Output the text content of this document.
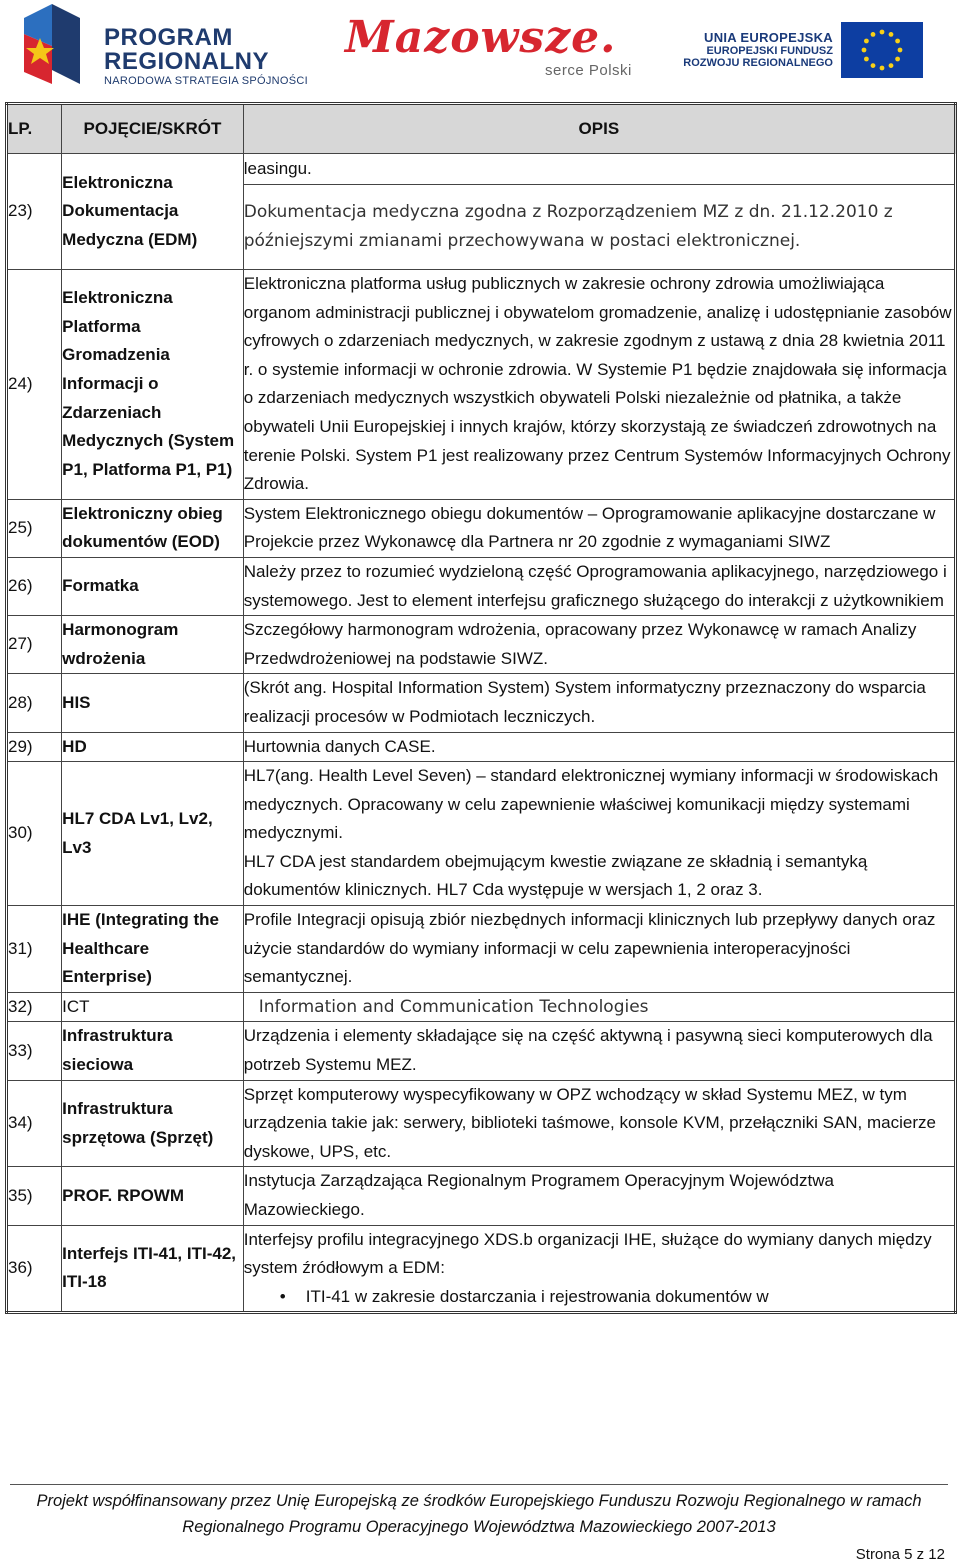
PROGRAM
REGIONALNY
NARODOWA STRATEGIA SPÓJNOŚCI
Mazowsze.
serce Polski
UNIA EUROPEJSKA
EUROPEJSKI FUNDUSZ
ROZWOJU REGIONALNEGO
LP.	POJĘCIE/SKRÓT	OPIS
23)	Elektroniczna Dokumentacja Medyczna (EDM)	leasingu.
		Dokumentacja medyczna zgodna z Rozporządzeniem MZ z dn. 21.12.2010 z późniejszymi zmianami przechowywana w postaci elektronicznej.
24)	Elektroniczna Platforma Gromadzenia Informacji o Zdarzeniach Medycznych (System P1, Platforma P1, P1)	Elektroniczna platforma usług publicznych w zakresie ochrony zdrowia umożliwiająca organom administracji publicznej i obywatelom gromadzenie, analizę i udostępnianie zasobów cyfrowych o zdarzeniach medycznych, w zakresie zgodnym z ustawą z dnia 28 kwietnia 2011 r. o systemie informacji w ochronie zdrowia. W Systemie P1 będzie znajdowała się informacja o zdarzeniach medycznych wszystkich obywateli Polski niezależnie od płatnika, a także obywateli Unii Europejskiej i innych krajów, którzy skorzystają ze świadczeń zdrowotnych na terenie Polski. System P1 jest realizowany przez Centrum Systemów Informacyjnych Ochrony Zdrowia.
25)	Elektroniczny obieg dokumentów (EOD)	System Elektronicznego obiegu dokumentów – Oprogramowanie aplikacyjne dostarczane w Projekcie przez Wykonawcę dla Partnera nr 20 zgodnie z wymaganiami SIWZ
26)	Formatka	Należy przez to rozumieć wydzieloną część Oprogramowania aplikacyjnego, narzędziowego i systemowego. Jest to element interfejsu graficznego służącego do interakcji z użytkownikiem
27)	Harmonogram wdrożenia	Szczegółowy harmonogram wdrożenia, opracowany przez Wykonawcę w ramach Analizy Przedwdrożeniowej na podstawie SIWZ.
28)	HIS	(Skrót ang. Hospital Information System) System informatyczny przeznaczony do wsparcia realizacji procesów w Podmiotach leczniczych.
29)	HD	Hurtownia danych CASE.
30)	HL7 CDA Lv1, Lv2, Lv3	HL7(ang. Health Level Seven) – standard elektronicznej wymiany informacji w środowiskach medycznych. Opracowany w celu zapewnienie właściwej komunikacji między systemami medycznymi.
HL7 CDA jest standardem obejmującym kwestie związane ze składnią i semantyką dokumentów klinicznych. HL7 Cda występuje w wersjach 1, 2 oraz 3.

31)	IHE (Integrating the Healthcare Enterprise)	Profile Integracji opisują zbiór niezbędnych informacji klinicznych lub przepływy danych oraz użycie standardów do wymiany informacji w celu zapewnienia interoperacyjności semantycznej.
32)	ICT	Information and Communication Technologies
33)	Infrastruktura sieciowa	Urządzenia i elementy składające się na część aktywną i pasywną sieci komputerowych dla potrzeb Systemu MEZ.
34)	Infrastruktura sprzętowa (Sprzęt)	Sprzęt komputerowy wyspecyfikowany w OPZ wchodzący w skład Systemu MEZ, w tym urządzenia takie jak: serwery, biblioteki taśmowe, konsole KVM, przełączniki SAN, macierze dyskowe, UPS, etc.
35)	PROF. RPOWM	Instytucja Zarządzająca Regionalnym Programem Operacyjnym Województwa Mazowieckiego.
36)	Interfejs ITI-41, ITI-42, ITI-18	Interfejsy profilu integracyjnego XDS.b organizacji IHE, służące do wymiany danych między system źródłowym a EDM:
• ITI-41 w zakresie dostarczania i rejestrowania dokumentów w
Projekt współfinansowany przez Unię Europejską ze środków Europejskiego Funduszu Rozwoju Regionalnego w ramach
Regionalnego Programu Operacyjnego Województwa Mazowieckiego 2007-2013
Strona 5 z 12
